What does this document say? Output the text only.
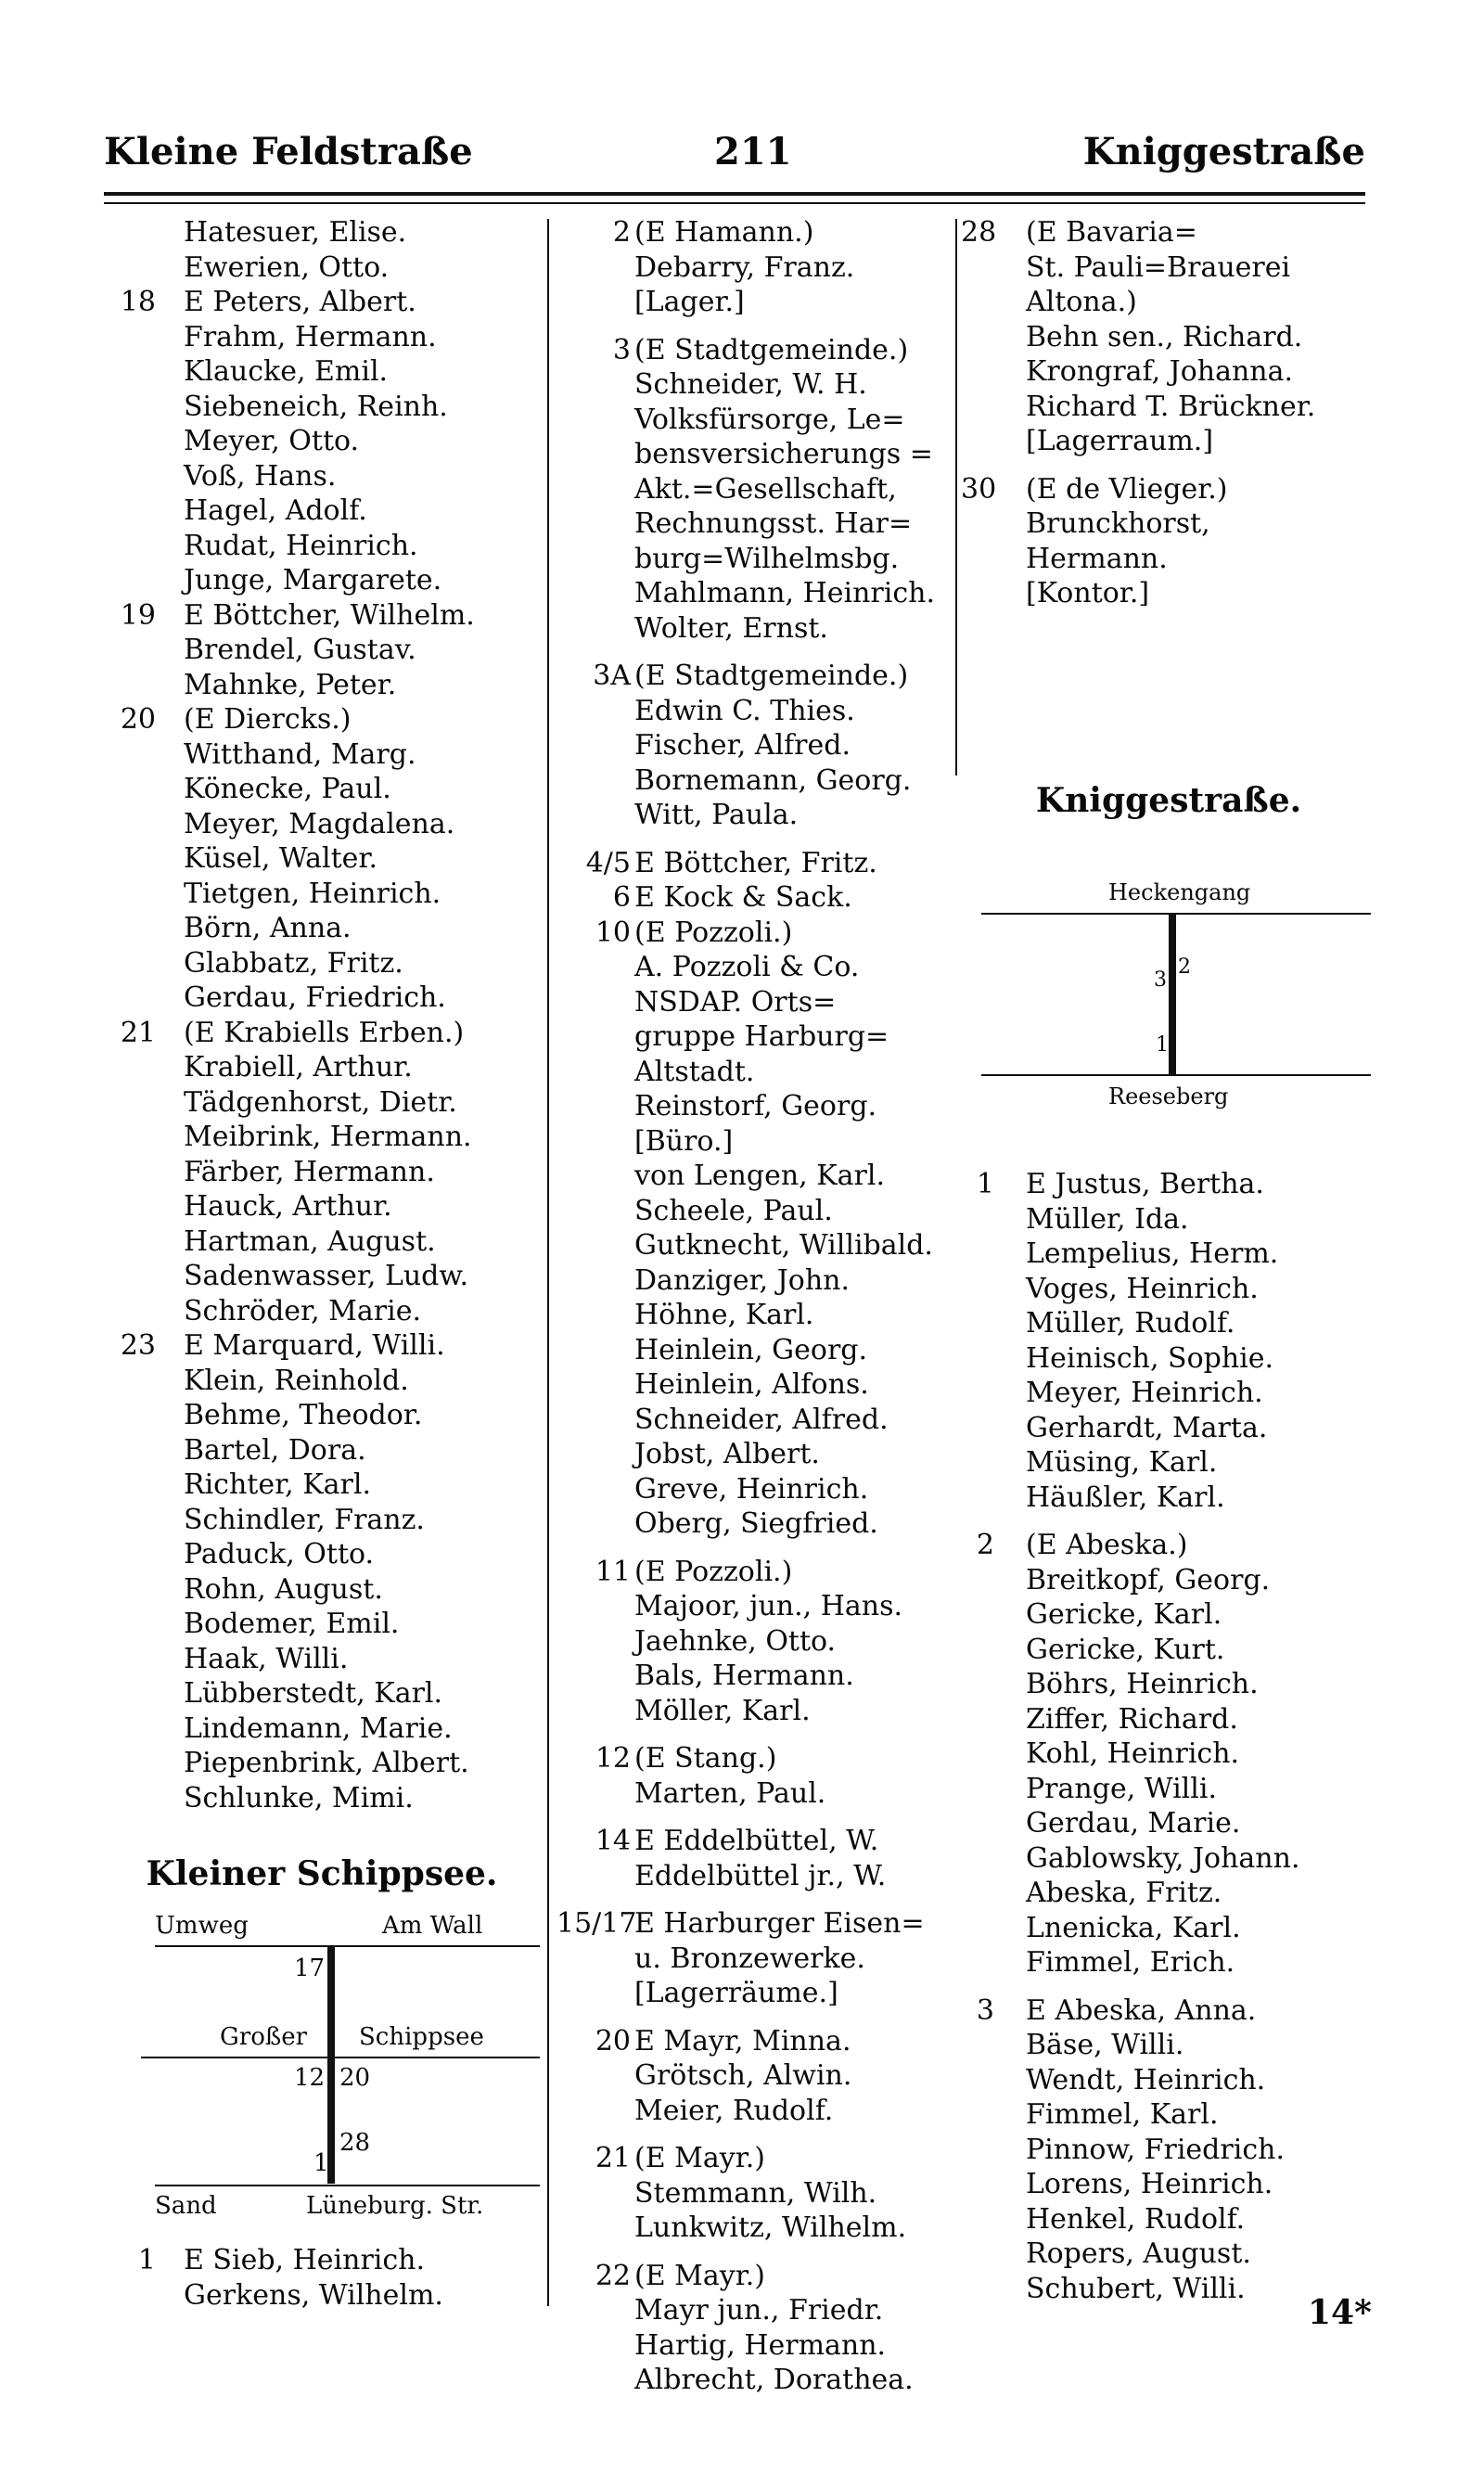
Kleine Feldstraße	211	Kniggestraße
Hatesuer, Elise.
Ewerien, Otto.
18 E Peters, Albert.
Frahm, Hermann.
Klaucke, Emil.
Siebeneich, Reinh.
Meyer, Otto.
Voß, Hans.
Hagel, Adolf.
Rudat, Heinrich.
Junge, Margarete.
19 E Böttcher, Wilhelm.
Brendel, Gustav.
Mahnke, Peter.
20 (E Diercks.)
Witthand, Marg.
Könecke, Paul.
Meyer, Magdalena.
Küsel, Walter.
Tietgen, Heinrich.
Börn, Anna.
Glabbatz, Fritz.
Gerdau, Friedrich.
21 (E Krabiells Erben.)
Krabiell, Arthur.
Tädgenhorst, Dietr.
Meibrink, Hermann.
Färber, Hermann.
Hauck, Arthur.
Hartman, August.
Sadenwasser, Ludw.
Schröder, Marie.
23 E Marquard, Willi.
Klein, Reinhold.
Behme, Theodor.
Bartel, Dora.
Richter, Karl.
Schindler, Franz.
Paduck, Otto.
Rohn, August.
Bodemer, Emil.
Haak, Willi.
Lübberstedt, Karl.
Lindemann, Marie.
Piepenbrink, Albert.
Schlunke, Mimi.
Kleiner Schippsee.
Umweg	Am Wall
17
Großer Schippsee
12 20
28
1
Sand	Lüneburg. Str.
1 E Sieb, Heinrich.
Gerkens, Wilhelm.
2 (E Hamann.)
Debarry, Franz.
[Lager.]
3 (E Stadtgemeinde.)
Schneider, W. H.
Volksfürsorge, Le=
bensversicherungs =
Akt.=Gesellschaft,
Rechnungsst. Har=
burg=Wilhelmsbg.
Mahlmann, Heinrich.
Wolter, Ernst.
3A (E Stadtgemeinde.)
Edwin C. Thies.
Fischer, Alfred.
Bornemann, Georg.
Witt, Paula.
4/5 E Böttcher, Fritz.
6 E Kock & Sack.
10 (E Pozzoli.)
A. Pozzoli & Co.
NSDAP. Orts=
gruppe Harburg=
Altstadt.
Reinstorf, Georg.
[Büro.]
von Lengen, Karl.
Scheele, Paul.
Gutknecht, Willibald.
Danziger, John.
Höhne, Karl.
Heinlein, Georg.
Heinlein, Alfons.
Schneider, Alfred.
Jobst, Albert.
Greve, Heinrich.
Oberg, Siegfried.
11 (E Pozzoli.)
Majoor, jun., Hans.
Jaehnke, Otto.
Bals, Hermann.
Möller, Karl.
12 (E Stang.)
Marten, Paul.
14 E Eddelbüttel, W.
Eddelbüttel jr., W.
15/17
E Harburger Eisen=
u. Bronzewerke.
[Lagerräume.]
20 E Mayr, Minna.
Grötsch, Alwin.
Meier, Rudolf.
21 (E Mayr.)
Stemmann, Wilh.
Lunkwitz, Wilhelm.
22 (E Mayr.)
Mayr jun., Friedr.
Hartig, Hermann.
Albrecht, Dorathea.
28 (E Bavaria=
St. Pauli=Brauerei
Altona.)
Behn sen., Richard.
Krongraf, Johanna.
Richard T. Brückner.
[Lagerraum.]
30 (E de Vlieger.)
Brunckhorst,
Hermann.
[Kontor.]
Kniggestraße.
Heckengang
2
3
1
Reeseberg
1 E Justus, Bertha.
Müller, Ida.
Lempelius, Herm.
Voges, Heinrich.
Müller, Rudolf.
Heinisch, Sophie.
Meyer, Heinrich.
Gerhardt, Marta.
Müsing, Karl.
Häußler, Karl.
2 (E Abeska.)
Breitkopf, Georg.
Gericke, Karl.
Gericke, Kurt.
Böhrs, Heinrich.
Ziffer, Richard.
Kohl, Heinrich.
Prange, Willi.
Gerdau, Marie.
Gablowsky, Johann.
Abeska, Fritz.
Lnenicka, Karl.
Fimmel, Erich.
3 E Abeska, Anna.
Bäse, Willi.
Wendt, Heinrich.
Fimmel, Karl.
Pinnow, Friedrich.
Lorens, Heinrich.
Henkel, Rudolf.
Ropers, August.
Schubert, Willi.
14*
